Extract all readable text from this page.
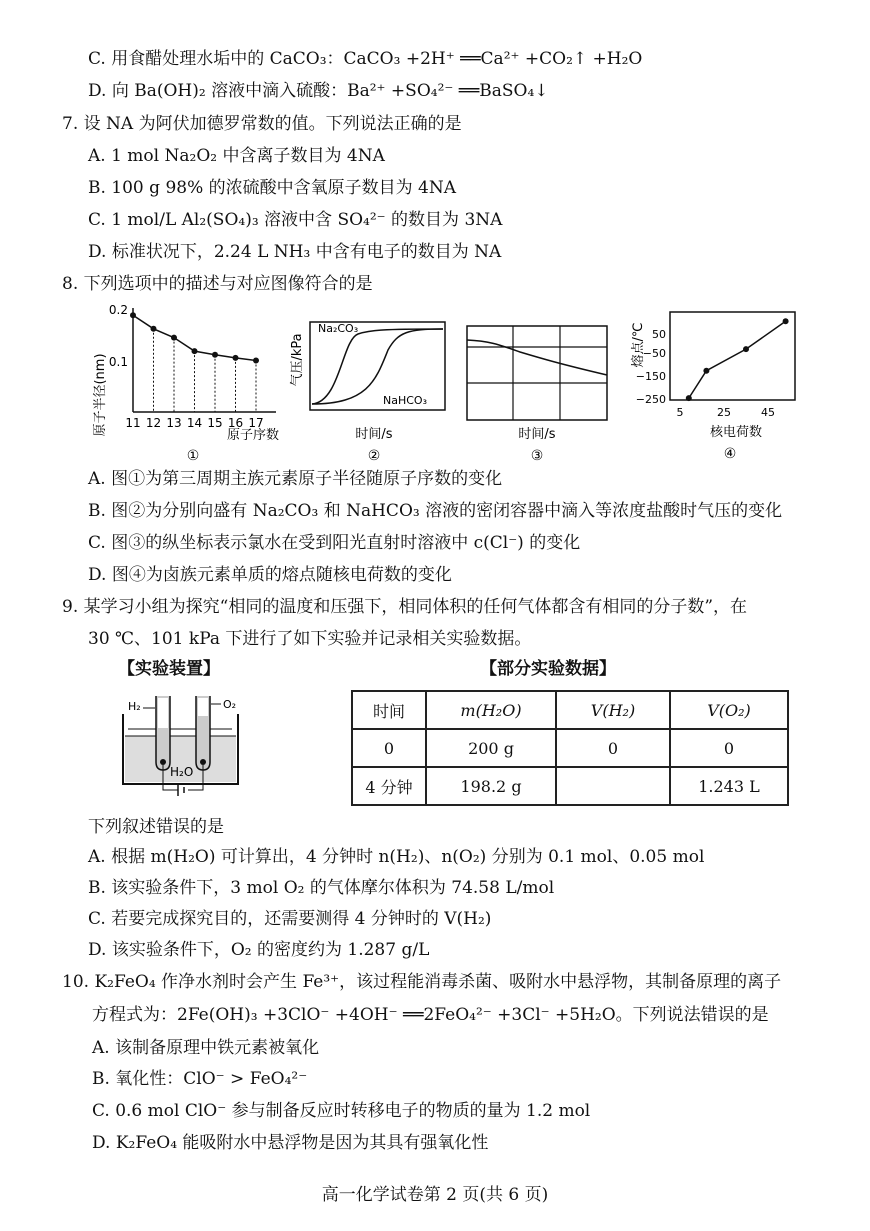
C. 用食醋处理水垢中的 CaCO₃：CaCO₃ +2H⁺ ══Ca²⁺ +CO₂↑ +H₂O
D. 向 Ba(OH)₂ 溶液中滴入硫酸：Ba²⁺ +SO₄²⁻ ══BaSO₄↓
7. 设 NA 为阿伏加德罗常数的值。下列说法正确的是
A. 1 mol Na₂O₂ 中含离子数目为 4NA
B. 100 g 98% 的浓硫酸中含氧原子数目为 4NA
C. 1 mol/L Al₂(SO₄)₃ 溶液中含 SO₄²⁻ 的数目为 3NA
D. 标准状况下，2.24 L NH₃ 中含有电子的数目为 NA
8. 下列选项中的描述与对应图像符合的是
原子半径(nm)
0.2
0.1
11 12 13 14 15 16 17
原子序数
①
气压/kPa
Na₂CO₃
NaHCO₃
时间/s
②
时间/s
③
熔点/℃ 50
−50
−150
−250
5	25	45
核电荷数
④
A. 图①为第三周期主族元素原子半径随原子序数的变化
B. 图②为分别向盛有 Na₂CO₃ 和 NaHCO₃ 溶液的密闭容器中滴入等浓度盐酸时气压的变化
C. 图③的纵坐标表示氯水在受到阳光直射时溶液中 c(Cl⁻) 的变化
D. 图④为卤族元素单质的熔点随核电荷数的变化
9. 某学习小组为探究“相同的温度和压强下，相同体积的任何气体都含有相同的分子数”，在
30 ℃、101 kPa 下进行了如下实验并记录相关实验数据。
【实验装置】	【部分实验数据】
H₂	O₂
H₂O
时间	m(H₂O)	V(H₂)	V(O₂)
0	200 g	0	0
4 分钟	198.2 g		1.243 L
下列叙述错误的是
A. 根据 m(H₂O) 可计算出，4 分钟时 n(H₂)、n(O₂) 分别为 0.1 mol、0.05 mol
B. 该实验条件下，3 mol O₂ 的气体摩尔体积为 74.58 L/mol
C. 若要完成探究目的，还需要测得 4 分钟时的 V(H₂)
D. 该实验条件下，O₂ 的密度约为 1.287 g/L
10. K₂FeO₄ 作净水剂时会产生 Fe³⁺，该过程能消毒杀菌、吸附水中悬浮物，其制备原理的离子
方程式为：2Fe(OH)₃ +3ClO⁻ +4OH⁻ ══2FeO₄²⁻ +3Cl⁻ +5H₂O。下列说法错误的是
A. 该制备原理中铁元素被氧化
B. 氧化性：ClO⁻ > FeO₄²⁻
C. 0.6 mol ClO⁻ 参与制备反应时转移电子的物质的量为 1.2 mol
D. K₂FeO₄ 能吸附水中悬浮物是因为其具有强氧化性
高一化学试卷第 2 页(共 6 页)
